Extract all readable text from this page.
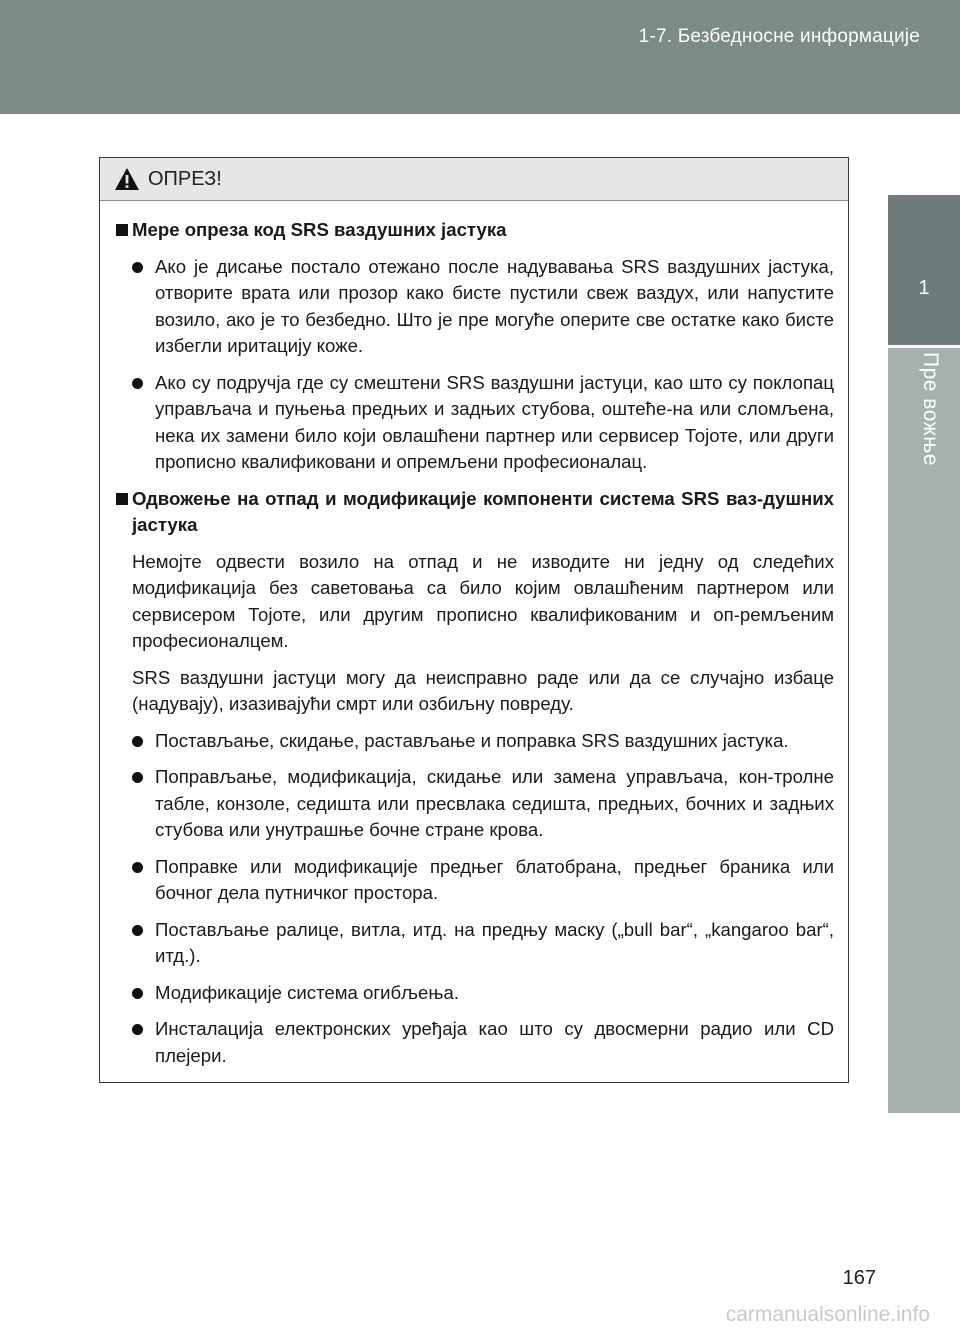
1-7. Безбедносне информације
1
Пре вожње
ОПРЕЗ!
Мере опреза код SRS ваздушних јастука
Ако је дисање постало отежано после надувавања SRS ваздушних јастука, отворите врата или прозор како бисте пустили свеж ваздух, или напустите возило, ако је то безбедно. Што је пре могуће оперите све остатке како бисте избегли иритацију коже.
Ако су подручја где су смештени SRS ваздушни јастуци, као што су поклопац управљача и пуњења предњих и задњих стубова, оштеће-на или сломљена, нека их замени било који овлашћени партнер или сервисер Тојоте, или други прописно квалификовани и опремљени професионалац.
Одвожење на отпад и модификације компоненти система SRS ваз-душних јастука
Немојте одвести возило на отпад и не изводите ни једну од следећих модификација без саветовања са било којим овлашћеним партнером или сервисером Тојоте, или другим прописно квалификованим и оп-ремљеним професионалцем.
SRS ваздушни јастуци могу да неисправно раде или да се случајно избаце (надувају), изазивајући смрт или озбиљну повреду.
Постављање, скидање, растављање и поправка SRS ваздушних јастука.
Поправљање, модификација, скидање или замена управљача, кон-тролне табле, конзоле, седишта или пресвлака седишта, предњих, бочних и задњих стубова или унутрашње бочне стране крова.
Поправке или модификације предњег блатобрана, предњег браника или бочног дела путничког простора.
Постављање ралице, витла, итд. на предњу маску („bull bar“, „kangaroo bar“, итд.).
Модификације система огибљења.
Инсталација електронских уређаја као што су двосмерни радио или CD плејери.
167
carmanualsonline.info
